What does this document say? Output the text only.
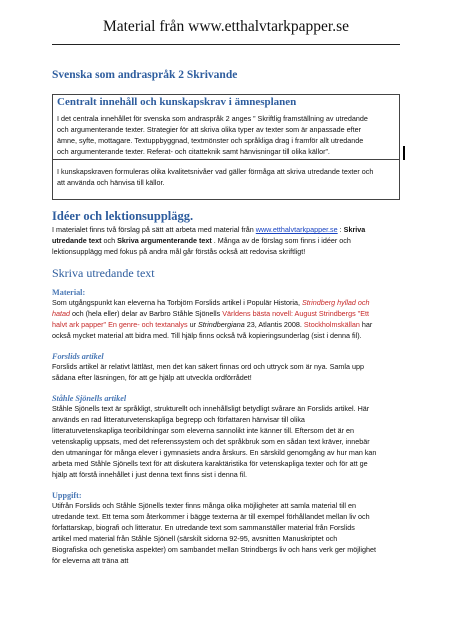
Material från www.etthalvtarkpapper.se
Svenska som andraspråk 2 Skrivande
Centralt innehåll och kunskapskrav i ämnesplanen
I det centrala innehållet för svenska som andraspråk 2 anges ” Skriftlig framställning av utredande
och argumenterande texter. Strategier för att skriva olika typer av texter som är anpassade efter
ämne, syfte, mottagare. Textuppbyggnad, textmönster och språkliga drag i framför allt utredande
och argumenterande texter. Referat- och citatteknik samt hänvisningar till olika källor”.
I kunskapskraven formuleras olika kvalitetsnivåer vad gäller förmåga att skriva utredande texter och
att använda och hänvisa till källor.
Idéer och lektionsupplägg.
I materialet finns två förslag på sätt att arbeta med material från www.etthalvtarkpapper.se : Skriva
utredande text och Skriva argumenterande text . Många av de förslag som finns i idéer och
lektionsupplägg med fokus på andra mål går förstås också att redovisa skriftligt!
Skriva utredande text
Material:
Som utgångspunkt kan eleverna ha Torbjörn Forslids artikel i Populär Historia, Strindberg hyllad och
hatad och (hela eller) delar av Barbro Ståhle Sjönells Världens bästa novell: August Strindbergs "Ett
halvt ark papper" En genre- och textanalys ur Strindbergiana 23, Atlantis 2008. Stockholmskällan har
också mycket material att bidra med. Till hjälp finns också två kopieringsunderlag (sist i denna fil).
Forslids artikel
Forslids artikel är relativt lättläst, men det kan säkert finnas ord och uttryck som är nya. Samla upp
sådana efter läsningen, för att ge hjälp att utveckla ordförrådet!
Ståhle Sjönells artikel
Ståhle Sjönells text är språkligt, strukturellt och innehållsligt betydligt svårare än Forslids artikel. Här
används en rad litteraturvetenskapliga begrepp och författaren hänvisar till olika
litteraturvetenskapliga teoribildningar som eleverna sannolikt inte känner till. Eftersom det är en
vetenskaplig uppsats, med det referenssystem och det språkbruk som en sådan text kräver, innebär
den utmaningar för många elever i gymnasiets andra årskurs. En särskild genomgång av hur man kan
arbeta med Ståhle Sjönells text för att diskutera karaktäristika för vetenskapliga texter och för att ge
hjälp att förstå innehållet i just denna text finns sist i denna fil.
Uppgift:
Utifrån Forslids och Ståhle Sjönells texter finns många olika möjligheter att samla material till en
utredande text. Ett tema som återkommer i bägge texterna är till exempel förhållandet mellan liv och
författarskap, biografi och litteratur. En utredande text som sammanställer material från Forslids
artikel med material från Ståhle Sjönell (särskilt sidorna 92-95, avsnitten Manuskriptet och
Biografiska och genetiska aspekter) om sambandet mellan Strindbergs liv och hans verk ger möjlighet
för eleverna att träna att
